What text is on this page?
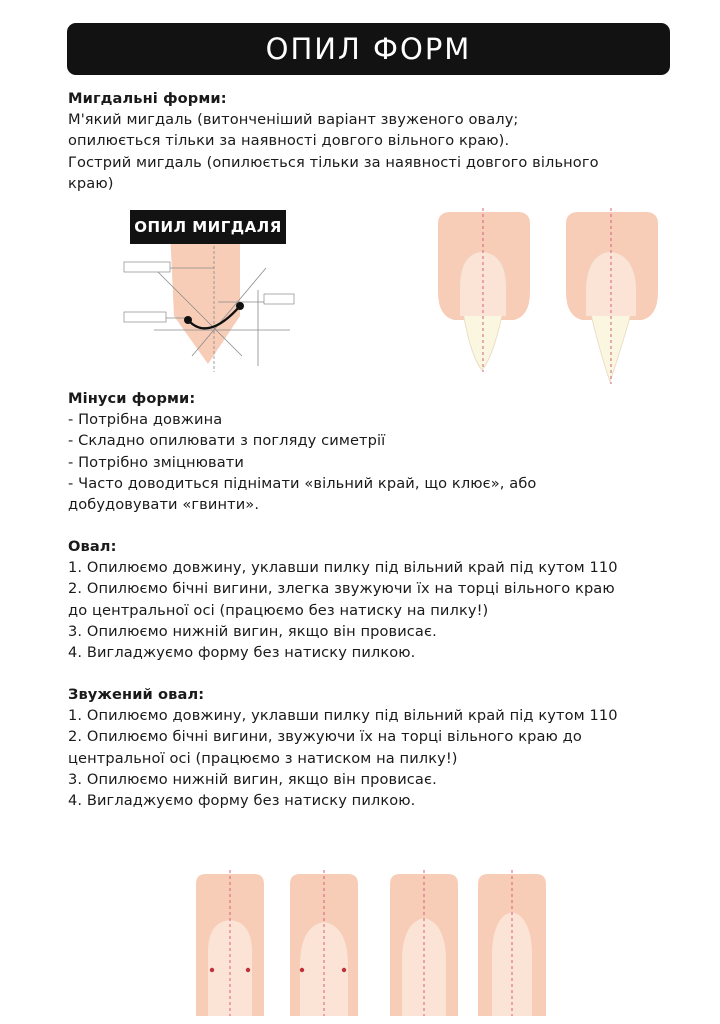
ОПИЛ ФОРМ
Мигдальні форми:
М'який мигдаль (витонченіший варіант звуженого овалу;
опилюється тільки за наявності довгого вільного краю).
Гострий мигдаль (опилюється тільки за наявності довгого вільного
краю)
ОПИЛ МИГДАЛЯ
Мінуси форми:
- Потрібна довжина
- Складно опилювати з погляду симетрії
- Потрібно зміцнювати
- Часто доводиться піднімати «вільний край, що клює», або
добудовувати «гвинти».
Овал:
1. Опилюємо довжину, уклавши пилку під вільний край під кутом 110
2. Опилюємо бічні вигини, злегка звужуючи їх на торці вільного краю
до центральної осі (працюємо без натиску на пилку!)
3. Опилюємо нижній вигин, якщо він провисає.
4. Вигладжуємо форму без натиску пилкою.
Звужений овал:
1. Опилюємо довжину, уклавши пилку під вільний край під кутом 110
2. Опилюємо бічні вигини, звужуючи їх на торці вільного краю до
центральної осі (працюємо з натиском на пилку!)
3. Опилюємо нижній вигин, якщо він провисає.
4. Вигладжуємо форму без натиску пилкою.
